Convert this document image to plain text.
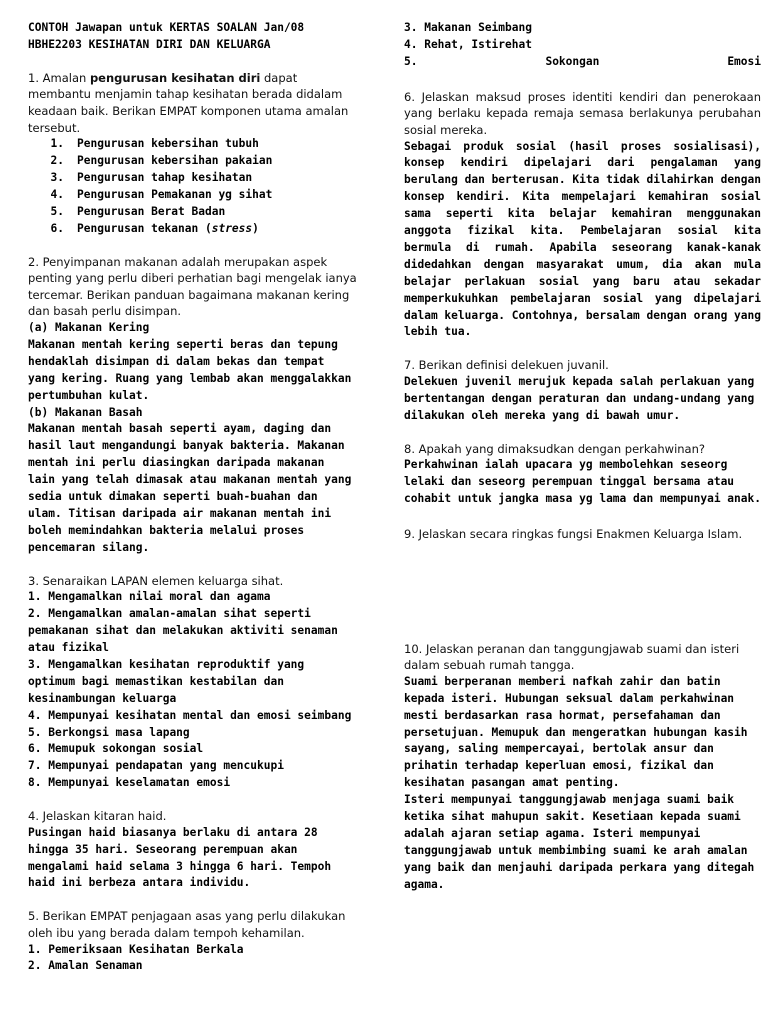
CONTOH Jawapan untuk KERTAS SOALAN Jan/08

HBHE2203 KESIHATAN DIRI DAN KELUARGA

1. Amalan pengurusan kesihatan diri dapat membantu menjamin tahap kesihatan berada didalam keadaan baik. Berikan EMPAT komponen utama amalan tersebut.

1.	Pengurusan kebersihan tubuh
2.	Pengurusan kebersihan pakaian
3.	Pengurusan tahap kesihatan
4.	Pengurusan Pemakanan yg sihat
5.	Pengurusan Berat Badan
6.	Pengurusan tekanan (stress)

2. Penyimpanan makanan adalah merupakan aspek penting yang perlu diberi perhatian bagi mengelak ianya tercemar. Berikan panduan bagaimana makanan kering dan basah perlu disimpan.

(a) Makanan Kering

Makanan mentah kering seperti beras dan tepung hendaklah disimpan di dalam bekas dan tempat yang kering. Ruang yang lembab akan menggalakkan pertumbuhan kulat.

(b) Makanan Basah

Makanan mentah basah seperti ayam, daging dan hasil laut mengandungi banyak bakteria. Makanan mentah ini perlu diasingkan daripada makanan lain yang telah dimasak atau makanan mentah yang sedia untuk dimakan seperti buah-buahan dan ulam. Titisan daripada air makanan mentah ini boleh memindahkan bakteria melalui proses pencemaran silang.

3. Senaraikan LAPAN elemen keluarga sihat.

1. Mengamalkan nilai moral dan agama

2. Mengamalkan amalan-amalan sihat seperti pemakanan sihat dan melakukan aktiviti senaman atau fizikal

3. Mengamalkan kesihatan reproduktif yang optimum bagi memastikan kestabilan dan kesinambungan keluarga

4. Mempunyai kesihatan mental dan emosi seimbang

5. Berkongsi masa lapang

6. Memupuk sokongan sosial

7. Mempunyai pendapatan yang mencukupi

8. Mempunyai keselamatan emosi

4. Jelaskan kitaran haid.

Pusingan haid biasanya berlaku di antara 28 hingga 35 hari. Seseorang perempuan akan mengalami haid selama 3 hingga 6 hari. Tempoh haid ini berbeza antara individu.

5. Berikan EMPAT penjagaan asas yang perlu dilakukan oleh ibu yang berada dalam tempoh kehamilan.

1. Pemeriksaan Kesihatan Berkala

2. Amalan Senaman

3. Makanan Seimbang

4. Rehat, Istirehat

5.	Sokongan	Emosi

6. Jelaskan maksud proses identiti kendiri dan penerokaan yang berlaku kepada remaja semasa berlakunya perubahan sosial mereka.

Sebagai produk sosial (hasil proses sosialisasi), konsep kendiri dipelajari dari pengalaman yang berulang dan berterusan. Kita tidak dilahirkan dengan konsep kendiri. Kita mempelajari kemahiran sosial sama seperti kita belajar kemahiran menggunakan anggota fizikal kita. Pembelajaran sosial kita bermula di rumah. Apabila seseorang kanak-kanak didedahkan dengan masyarakat umum, dia akan mula belajar perlakuan sosial yang baru atau sekadar memperkukuhkan pembelajaran sosial yang dipelajari dalam keluarga. Contohnya, bersalam dengan orang yang lebih tua.

7. Berikan definisi delekuen juvanil.

Delekuen juvenil merujuk kepada salah perlakuan yang bertentangan dengan peraturan dan undang-undang yang dilakukan oleh mereka yang di bawah umur.

8. Apakah yang dimaksudkan dengan perkahwinan?

Perkahwinan ialah upacara yg membolehkan seseorg lelaki dan seseorg perempuan tinggal bersama atau cohabit untuk jangka masa yg lama dan mempunyai anak.

9. Jelaskan secara ringkas fungsi Enakmen Keluarga Islam.

10. Jelaskan peranan dan tanggungjawab suami dan isteri dalam sebuah rumah tangga.

Suami berperanan memberi nafkah zahir dan batin kepada isteri. Hubungan seksual dalam perkahwinan mesti berdasarkan rasa hormat, persefahaman dan persetujuan. Memupuk dan mengeratkan hubungan kasih sayang, saling mempercayai, bertolak ansur dan prihatin terhadap keperluan emosi, fizikal dan kesihatan pasangan amat penting.

Isteri mempunyai tanggungjawab menjaga suami baik ketika sihat mahupun sakit. Kesetiaan kepada suami adalah ajaran setiap agama. Isteri mempunyai tanggungjawab untuk membimbing suami ke arah amalan yang baik dan menjauhi daripada perkara yang ditegah agama.
